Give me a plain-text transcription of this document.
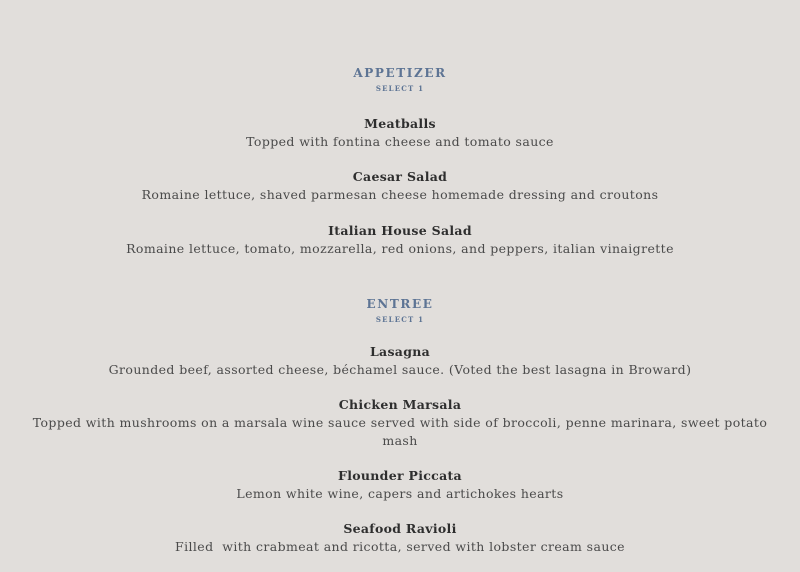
APPETIZER
SELECT 1
Meatballs
Topped with fontina cheese and tomato sauce
Caesar Salad
Romaine lettuce, shaved parmesan cheese homemade dressing and croutons
Italian House Salad
Romaine lettuce, tomato, mozzarella, red onions, and peppers, italian vinaigrette
ENTREE
SELECT 1
Lasagna
Grounded beef, assorted cheese, béchamel sauce. (Voted the best lasagna in Broward)
Chicken Marsala
Topped with mushrooms on a marsala wine sauce served with side of broccoli, penne marinara, sweet potato mash
Flounder Piccata
Lemon white wine, capers and artichokes hearts
Seafood Ravioli
Filled  with crabmeat and ricotta, served with lobster cream sauce
